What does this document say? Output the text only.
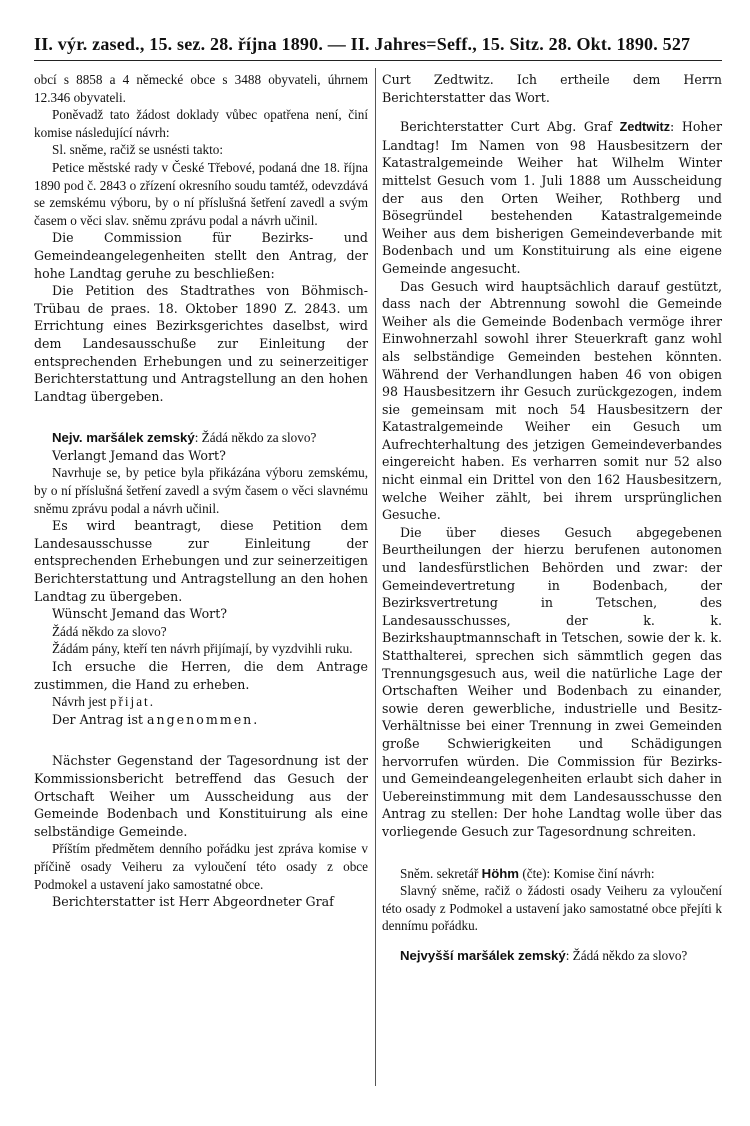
II. výr. zased., 15. sez. 28. října 1890. — II. Jahres=Seff., 15. Sitz. 28. Okt. 1890. 527

obcí s 8858 a 4 německé obce s 3488 obyvateli, úhrnem 12.346 obyvateli.

Poněvadž tato žádost doklady vůbec opatřena není, činí komise následující návrh:

Sl. sněme, račiž se usnésti takto:

Petice městské rady v České Třebové, podaná dne 18. října 1890 pod č. 2843 o zřízení okresního soudu tamtéž, odevzdává se zemskému výboru, by o ní příslušná šetření zavedl a svým časem o věci slav. sněmu zprávu podal a návrh učinil.

Die Commission für Bezirks- und Gemeindeangelegenheiten stellt den Antrag, der hohe Landtag geruhe zu beschließen:

Die Petition des Stadtrathes von Böhmisch-Trübau de praes. 18. Oktober 1890 Z. 2843. um Errichtung eines Bezirksgerichtes daselbst, wird dem Landesausschuße zur Einleitung der entsprechenden Erhebungen und zu seinerzeitiger Berichterstattung und Antragstellung an den hohen Landtag übergeben.

Nejv. maršálek zemský: Žádá někdo za slovo?

Verlangt Jemand das Wort?

Navrhuje se, by petice byla přikázána výboru zemskému, by o ní příslušná šetření zavedl a svým časem o věci slavnému sněmu zprávu podal a návrh učinil.

Es wird beantragt, diese Petition dem Landesausschusse zur Einleitung der entsprechenden Erhebungen und zur seinerzeitigen Berichterstattung und Antragstellung an den hohen Landtag zu übergeben.

Wünscht Jemand das Wort?

Žádá někdo za slovo?

Žádám pány, kteří ten návrh přijímají, by vyzdvihli ruku.

Ich ersuche die Herren, die dem Antrage zustimmen, die Hand zu erheben.

Návrh jest přijat.

Der Antrag ist angenommen.

Nächster Gegenstand der Tagesordnung ist der Kommissionsbericht betreffend das Gesuch der Ortschaft Weiher um Ausscheidung aus der Gemeinde Bodenbach und Konstituirung als eine selbständige Gemeinde.

Příštím předmětem denního pořádku jest zpráva komise v příčině osady Veiheru za vyloučení této osady z obce Podmokel a ustavení jako samostatné obce.

Berichterstatter ist Herr Abgeordneter Graf

Curt Zedtwitz. Ich ertheile dem Herrn Berichterstatter das Wort.

Berichterstatter Curt Abg. Graf Zedtwitz: Hoher Landtag! Im Namen von 98 Hausbesitzern der Katastralgemeinde Weiher hat Wilhelm Winter mittelst Gesuch vom 1. Juli 1888 um Ausscheidung der aus den Orten Weiher, Rothberg und Bösegründel bestehenden Katastralgemeinde Weiher aus dem bisherigen Gemeindeverbande mit Bodenbach und um Konstituirung als eine eigene Gemeinde angesucht.

Das Gesuch wird hauptsächlich darauf gestützt, dass nach der Abtrennung sowohl die Gemeinde Weiher als die Gemeinde Bodenbach vermöge ihrer Einwohnerzahl sowohl ihrer Steuerkraft ganz wohl als selbständige Gemeinden bestehen könnten. Während der Verhandlungen haben 46 von obigen 98 Hausbesitzern ihr Gesuch zurückgezogen, indem sie gemeinsam mit noch 54 Hausbesitzern der Katastralgemeinde Weiher ein Gesuch um Aufrechterhaltung des jetzigen Gemeindeverbandes eingereicht haben. Es verharren somit nur 52 also nicht einmal ein Drittel von den 162 Hausbesitzern, welche Weiher zählt, bei ihrem ursprünglichen Gesuche.

Die über dieses Gesuch abgegebenen Beurtheilungen der hierzu berufenen autonomen und landesfürstlichen Behörden und zwar: der Gemeindevertretung in Bodenbach, der Bezirksvertretung in Tetschen, des Landesausschusses, der k. k. Bezirkshauptmannschaft in Tetschen, sowie der k. k. Statthalterei, sprechen sich sämmtlich gegen das Trennungsgesuch aus, weil die natürliche Lage der Ortschaften Weiher und Bodenbach zu einander, sowie deren gewerbliche, industrielle und Besitz-Verhältnisse bei einer Trennung in zwei Gemeinden große Schwierigkeiten und Schädigungen hervorrufen würden. Die Commission für Bezirks- und Gemeindeangelegenheiten erlaubt sich daher in Uebereinstimmung mit dem Landesausschusse den Antrag zu stellen: Der hohe Landtag wolle über das vorliegende Gesuch zur Tagesordnung schreiten.

Sněm. sekretář Höhm (čte): Komise činí návrh:

Slavný sněme, račiž o žádosti osady Veiheru za vyloučení této osady z Podmokel a ustavení jako samostatné obce přejíti k dennímu pořádku.

Nejvyšší maršálek zemský: Žádá někdo za slovo?
